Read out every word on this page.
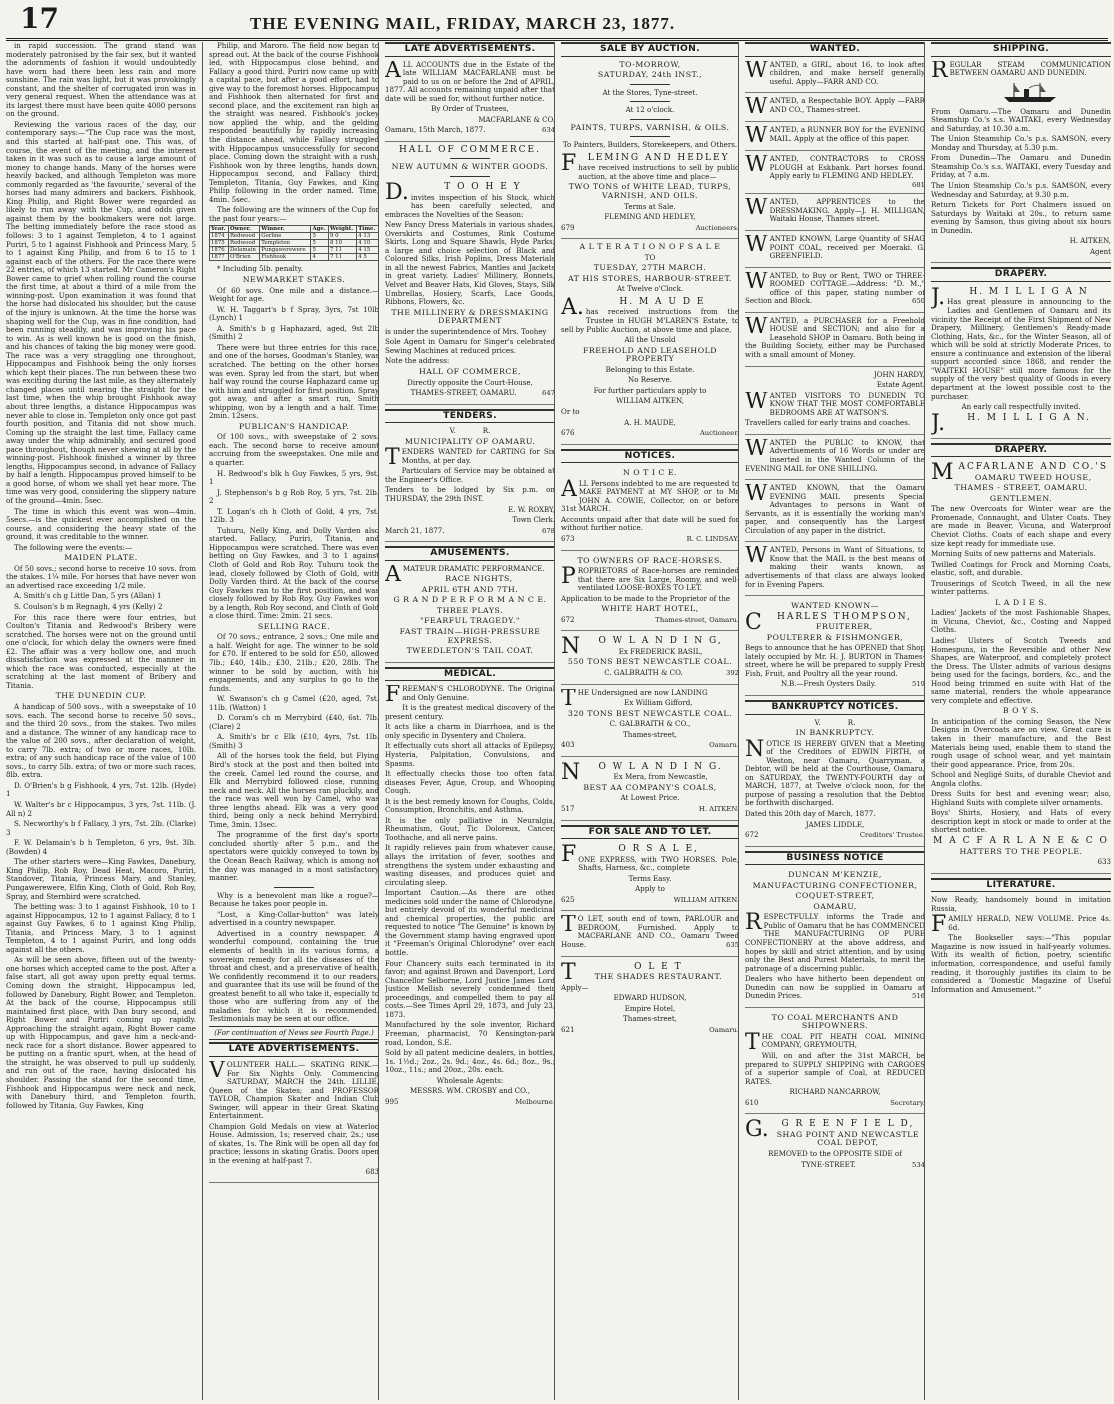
17	THE EVENING MAIL, FRIDAY, MARCH 23, 1877.

in rapid succession. The grand stand was moderately patronised by the fair sex, but it wanted the adornments of fashion it would undoubtedly have worn had there been less rain and more sunshine. The rain was light, but it was provokingly constant, and the shelter of corrugated iron was in very general request. When the attendance was at its largest there must have been quite 4000 persons on the ground.

Reviewing the various races of the day, our contemporary says:—"The Cup race was the most, and this started at half-past one. This was, of course, the event of the meeting, and the interest taken in it was such as to cause a large amount of money to change hands. Many of the horses were heavily backed, and although Templeton was more commonly regarded as 'the favourite,' several of the horses had many admirers and backers. Fishhook, King Philip, and Right Bower were regarded as likely to run away with the Cup, and odds given against them by the bookmakers were not large. The betting immediately before the race stood as follows: 3 to 1 against Templeton, 4 to 1 against Puriri, 5 to 1 against Fishhook and Princess Mary, 5 to 1 against King Philip, and from 6 to 15 to 1 against each of the others. For the race there were 22 entries, of which 13 started. Mr Cameron's Right Bower came to grief when rolling round the course the first time, at about a third of a mile from the winning-post. Upon examination it was found that the horse had dislocated his shoulder, but the cause of the injury is unknown. At the time the horse was shaping well for the Cup, was in fine condition, had been running steadily, and was improving his pace to win. As is well known he is good on the finish, and his chances of taking the big money were good. The race was a very straggling one throughout, Hippocampus and Fishhook being the only horses which kept their places. The run between these two was exciting during the last mile, as they alternately changed places until nearing the straight for the last time, when the whip brought Fishhook away about three lengths, a distance Hippocampus was never able to close in. Templeton only once got past fourth position, and Titania did not show much. Coming up the straight the last time, Fallacy came away under the whip admirably, and secured good pace throughout, though never shewing at all by the winning-post. Fishhook finished a winner by three lengths, Hippocampus second, in advance of Fallacy by half a length. Hippocampus proved himself to be a good horse, of whom we shall yet hear more. The time was very good, considering the slippery nature of the ground—4min. 5sec.

The time in which this event was won—4min. 5secs.—is the quickest ever accomplished on the course, and considering the heavy state of the ground, it was creditable to the winner.

The following were the events:—

MAIDEN PLATE.

Of 50 sovs.; second horse to receive 10 sovs. from the stakes. 1¼ mile. For horses that have never won an advertised race exceeding 1/2 mile.

A. Smith's ch g Little Dan, 5 yrs (Allan) 1

S. Coulson's b m Regnagh, 4 yrs (Kelly) 2

For this race there were four entries, but Coulton's Titania and Redwood's Bribery were scratched. The horses were not on the ground until one o'clock, for which delay the owners were fined £2. The affair was a very hollow one, and much dissatisfaction was expressed at the manner in which the race was conducted, especially at the scratching at the last moment of Bribery and Titania.

THE DUNEDIN CUP.

A handicap of 500 sovs., with a sweepstake of 10 sovs. each. The second horse to receive 50 sovs., and the third 20 sovs., from the stakes. Two miles and a distance. The winner of any handicap race to the value of 200 sovs., after declaration of weight, to carry 7lb. extra; of two or more races, 10lb. extra; of any such handicap race of the value of 100 sovs., to carry 5lb. extra; of two or more such races, 8lb. extra.

D. O'Brien's b g Fishhook, 4 yrs, 7st. 12lb. (Hyde) 1

W. Walter's br c Hippocampus, 3 yrs, 7st. 11lb. (J. All n) 2

S. Necworthy's b f Fallacy, 3 yrs, 7st. 2lb. (Clarke) 3

F. W. Delamain's b h Templeton, 6 yrs, 9st. 3lb. (Bowden) 4

The other starters were—King Fawkes, Danebury, King Philip, Rob Roy, Dead Heat, Macoro, Puriri, Standover, Titania, Princess Mary, and Stanley, Pungawerewere, Elfin King, Cloth of Gold, Rob Roy, Spray, and Sternbird were scratched.

The betting was: 3 to 1 against Fishhook, 10 to 1 against Hippocampus, 12 to 1 against Fallacy, 8 to 1 against Guy Fawkes, 6 to 1 against King Philip, Titania, and Princess Mary, 3 to 1 against Templeton, 4 to 1 against Puriri, and long odds against all the others.

As will be seen above, fifteen out of the twenty-one horses which accepted came to the post. After a false start, all got away upon pretty equal terms. Coming down the straight, Hippocampus led, followed by Danebury, Right Bower, and Templeton. At the back of the course, Hippocampus still maintained first place, with Dan bury second, and Right Bower and Puriri coming up rapidly. Approaching the straight again, Right Bower came up with Hippocampus, and gave him a neck-and-neck race for a short distance. Bower appeared to be putting on a frantic spurt, when, at the head of the straight, he was observed to pull up suddenly, and run out of the race, having dislocated his shoulder. Passing the stand for the second time, Fishhook and Hippocampus were neck and neck, with Danebury third, and Templeton fourth, followed by Titania, Guy Fawkes, King

Philip, and Maroro. The field now began to spread out. At the back of the course Fishhook led, with Hippocampus close behind, and Fallacy a good third. Puriri now came up with a capital pace, but after a good effort, had to give way to the foremost horses. Hippocampus and Fishhook then alternated for first and second place, and the excitement ran high as the straight was neared. Fishhook's jockey now applied the whip, and the gelding responded beautifully by rapidly increasing the distance ahead, while Fallacy struggled with Hippocampus unsuccessfully for second place. Coming down the straight with a rush, Fishhook won by three lengths, hands down, Hippocampus second, and Fallacy third; Templeton, Titania, Guy Fawkes, and King Philip following in the order named. Time, 4min. 5sec.

The following are the winners of the Cup for the past four years:—

Year.	Owner.	Winner.	Age.	Weight.	Time.
1874	Redwood	Gorline	5	9 0	4 13
1875	Redwood	Templeton	5	8 10	4 10
1876	Delamain	Pungawerewere	5	7 11	4 15
1877	O'Brien	Fishhook	4	7 11	4 5

* Including 5lb. penalty.

NEWMARKET STAKES.

Of 60 sovs. One mile and a distance.— Weight for age.

W. H. Taggart's b f Spray, 3yrs, 7st 10lb (Lynch) 1

A. Smith's b g Haphazard, aged, 9st 2lb (Smith) 2

There were but three entries for this race, and one of the horses, Goodman's Stanley, was scratched. The betting on the other horses was even. Spray led from the start, but when half way round the course Haphazard came up with him and struggled for first position. Spray got away, and after a smart run, Smith whipping, won by a length and a half. Time: 2min. 12secs.

PUBLICAN'S HANDICAP.

Of 100 sovs., with sweepstake of 2 sovs. each. The second horse to receive amount accruing from the sweepstakes. One mile and a quarter.

H. Redwood's blk h Guy Fawkes, 5 yrs, 9st. 1

J. Stephenson's b g Rob Roy, 5 yrs, 7st. 2lb. 2

T. Logan's ch h Cloth of Gold, 4 yrs, 7st. 12lb. 3

Tuhuru, Nelly King, and Dolly Varden also started. Fallacy, Puriri, Titania, and Hippocampus were scratched. There was even betting on Guy Fawkes, and 3 to 1 against Cloth of Gold and Rob Roy. Tuhuru took the lead, closely followed by Cloth of Gold, with Dolly Varden third. At the back of the course Guy Fawkes ran to the first position, and was closely followed by Rob Roy. Guy Fawkes won by a length, Rob Roy second, and Cloth of Gold a close third. Time: 2min. 21 secs.

SELLING RACE.

Of 70 sovs.; entrance, 2 sovs.; One mile and a half. Weight for age. The winner to be sold for £70. If entered to be sold for £50, allowed 7lb.; £40, 14lb.; £30, 21lb.; £20, 28lb. The winner to be sold by auction, with his engagements, and any surplus to go to the funds.

W. Swanson's ch g Camel (£20, aged, 7st. 11lb. (Watton) 1

D. Coram's ch m Merrybird (£40, 6st. 7lb. (Clare) 2

A. Smith's br c Elk (£10, 4yrs, 7st. 1lb. (Smith) 3

All of the horses took the field, but Flying Bird's stock at the post and then bolted into the creek. Camel led round the course, and Elk and Merrybird followed close, running neck and neck. All the horses ran pluckily, and the race was well won by Camel, who was three lengths ahead. Elk was a very good third, being only a neck behind Merrybird. Time, 3min. 13sec.

The programme of the first day's sports concluded shortly after 5 p.m., and the spectators were quickly conveyed to town by the Ocean Beach Railway, which is among not the day was managed in a most satisfactory manner.

Why is a benevolent man like a rogue?— Because he takes poor people in.

"Lost, a King-Collar-button" was lately advertised in a country newspaper.

Advertised in a country newspaper. A wonderful compound, containing the true elements of health in its various forms, a sovereign remedy for all the diseases of the throat and chest, and a preservative of health. We confidently recommend it to our readers, and guarantee that its use will be found of the greatest benefit to all who take it, especially to those who are suffering from any of the maladies for which it is recommended. Testimonials may be seen at our office.

(For continuation of News see Fourth Page.)

LATE ADVERTISEMENTS.

VOLUNTEER HALL.— SKATING RINK.—For Six Nights Only. Commencing SATURDAY, MARCH the 24th. LILLIE, Queen of the Skates; and PROFESSOR TAYLOR, Champion Skater and Indian Club Swinger, will appear in their Great Skating Entertainment.

Champion Gold Medals on view at Waterloo House. Admission, 1s; reserved chair, 2s.; use of skates, 1s. The Rink will be open all day for practice; lessons in skating Gratis. Doors open in the evening at half-past 7.

683

LATE ADVERTISEMENTS.

ALL ACCOUNTS due in the Estate of the late WILLIAM MACFARLANE must be paid to us on or before the 2nd of APRIL, 1877. All accounts remaining unpaid after that date will be sued for, without further notice.

By Order of Trustees,

MACFARLANE & CO.

Oamaru, 15th March, 1877.	634

HALL OF COMMERCE.

NEW AUTUMN & WINTER GOODS.

D.	T O O H E Y
invites inspection of his Stock, which has been carefully selected, and embraces the Novelties of the Season:

New Fancy Dress Materials in various shades, Overskirts and Costumes, Rink Costume Skirts, Long and Square Shawls, Hyde Parks; a large and choice selection of Black and Coloured Silks, Irish Poplins, Dress Materials in all the newest Fabrics, Mantles and Jackets in great variety. Ladies' Millinery, Bonnets, Velvet and Beaver Hats, Kid Gloves, Stays, Silk Umbrellas, Hosiery, Scarfs, Lace Goods, Ribbons, Flowers, &c.

THE MILLINERY & DRESSMAKING DEPARTMENT

is under the superintendence of Mrs. Toohey

Sole Agent in Oamaru for Singer's celebrated Sewing Machines at reduced prices.

Note the address:

HALL OF COMMERCE,

Directly opposite the Court-House,

THAMES-STREET, OAMARU.	647

TENDERS.

V.	R.

MUNICIPALITY OF OAMARU.

TENDERS WANTED for CARTING for Six Months, at per day.

Particulars of Service may be obtained at the Engineer's Office.

Tenders to be lodged by Six p.m. on THURSDAY, the 29th INST.

E. W. ROXBY,

Town Clerk.

March 21, 1877.	678

AMUSEMENTS.

AMATEUR DRAMATIC PERFORMANCE.

RACE NIGHTS,

APRIL 6TH AND 7TH.

G R A N D P E R F O R M A N C E.

THREE PLAYS.

"FEARFUL TRAGEDY."

FAST TRAIN—HIGH-PRESSURE EXPRESS.

TWEEDLETON'S TAIL COAT.

MEDICAL.

FREEMAN'S CHLORODYNE. The Original and Only Genuine.

It is the greatest medical discovery of the present century.

It acts like a charm in Diarrhoea, and is the only specific in Dysentery and Cholera.

It effectually cuts short all attacks of Epilepsy, Hysteria, Palpitation, Convulsions, and Spasms.

It effectually checks those too often fatal diseases Fever, Ague, Croup, and Whooping Cough.

It is the best remedy known for Coughs, Colds, Consumption, Bronchitis, and Asthma.

It is the only palliative in Neuralgia, Rheumatism, Gout, Tic Doloreux, Cancer, Toothache, and all nerve pains.

It rapidly relieves pain from whatever cause, allays the irritation of fever, soothes and strengthens the system under exhausting and wasting diseases, and produces quiet and circulating sleep.

Important Caution.—As there are other medicines sold under the name of Chlorodyne, but entirely devoid of its wonderful medicinal and chemical properties, the public are requested to notice "The Genuine" is known by the Government stamp having engraved upon it "Freeman's Original Chlorodyne" over each bottle.

Four Chancery suits each terminated in its favor; and against Brown and Davenport, Lord Chancellor Selborne, Lord Justice James Lord Justice Mellish severely condemned their proceedings, and compelled them to pay all costs.—See Times April 29, 1873, and July 23, 1873.

Manufactured by the sole inventor, Richard Freeman, pharmacist, 70 Kensington-park road, London, S.E.

Sold by all patent medicine dealers, in bottles, 1s. 1½d.; 2oz., 2s. 9d.; 4oz., 4s. 6d.; 8oz., 9s.; 10oz., 11s.; and 20oz., 20s. each.

Wholesale Agents:

MESSRS. WM. CROSBY and CO.,

995	Melbourne.

SALE BY AUCTION.

TO-MORROW,

SATURDAY, 24th INST.,

At the Stores, Tyne-street.

At 12 o'clock.

PAINTS, TURPS, VARNISH, & OILS.

To Painters, Builders, Storekeepers, and Others.

F	LEMING AND HEDLEY
have received instructions to sell by public auction, at the above time and place—

TWO TONS of WHITE LEAD, TURPS, VARNISH, AND OILS.

Terms at Sale.

FLEMING AND HEDLEY,

679	Auctioneers.

A L T E R A T I O N O F S A L E

TO

TUESDAY, 27TH MARCH.

AT HIS STORES, HARBOUR-STREET.

At Twelve o'Clock.

A.	H. M A U D E
has received instructions from the Trustee in HUGH M'LAREN'S Estate, to sell by Public Auction, at above time and place,

All the Unsold

FREEHOLD AND LEASEHOLD PROPERTY

Belonging to this Estate.

No Reserve.

For further particulars apply to

WILLIAM AITKEN,

Or to

A. H. MAUDE,

676	Auctioneer.

NOTICES.

N O T I C E.

ALL Persons indebted to me are requested to MAKE PAYMENT at MY SHOP, or to Mr JOHN A. COWIE, Collector, on or before 31st MARCH.

Accounts unpaid after that date will be sued for without further notice.

673	R. C. LINDSAY.

TO OWNERS OF RACE-HORSES.

PROPRIETORS of Race-horses are reminded that there are Six Large, Roomy, and well-ventilated LOOSE-BOXES TO LET.

Application to be made to the Proprietor of the

WHITE HART HOTEL,

672	Thames-street, Oamaru.

N	O W L A N D I N G,

Ex FREDERICK BASIL,

550 TONS BEST NEWCASTLE COAL.

C. GALBRAITH & CO.	392

THE Undersigned are now LANDING

Ex William Gifford,

320 TONS BEST NEWCASTLE COAL.

C. GALBRAITH & CO.,

Thames-street,

403	Oamaru.

N	O W L A N D I N G.

Ex Mera, from Newcastle,

BEST AA COMPANY'S COALS,

At Lowest Price.

517	H. AITKEN.

FOR SALE AND TO LET.

F	O R S A L E,

ONE EXPRESS, with TWO HORSES. Pole, Shafts, Harness, &c., complete

Terms Easy.

Apply to

625	WILLIAM AITKEN.

T O LET, south end of town, PARLOUR and BEDROOM, Furnished. Apply to MACFARLANE AND CO., Oamaru Tweed House.	635

T	O L E T

THE SHADES RESTAURANT.

Apply—

EDWARD HUDSON,

Empire Hotel,

Thames-street,

621	Oamaru.

WANTED.

WANTED, a GIRL, about 16, to look after children, and make herself generally useful. Apply—FARR AND CO.

WANTED, a Respectable BOY. Apply —FARR AND CO., Thames-street.

WANTED, a RUNNER BOY for the EVENING MAIL. Apply at the office of this paper.

WANTED, CONTRACTORS to CROSS PLOUGH at Eskbank. Part horses found. Apply early to FLEMING AND HEDLEY.
681

WANTED, APPRENTICES to the DRESSMAKING. Apply—J. H. MILLIGAN, Waitaki House, Thames street.

WANTED KNOWN, Large Quantity of SHAG POINT COAL, received per Moeraki. G. GREENFIELD.

WANTED, to Buy or Rent, TWO or THREE-ROOMED COTTAGE.—Address: "D. M.," office of this paper, stating number of Section and Block.	650

WANTED, a PURCHASER for a Freehold HOUSE and SECTION; and also for a Leasehold SHOP in Oamaru. Both being in the Building Society, either may be Purchased with a small amount of Money.

JOHN HARDY,

Estate Agent.

WANTED VISITORS TO DUNEDIN TO KNOW THAT THE MOST COMFORTABLE BEDROOMS ARE AT WATSON'S.

Travellers called for early trains and coaches.

WANTED the PUBLIC to KNOW, that Advertisements of 16 Words or under are inserted in the Wanted Column of the EVENING MAIL for ONE SHILLING.

WANTED KNOWN, that the Oamaru EVENING MAIL presents Special Advantages to persons in Want of Servants, as it is essentially the working man's paper, and consequently has the Largest Circulation of any paper in the district.

WANTED, Persons in Want of Situations, to Know that the MAIL is the best means of making their wants known, as advertisements of that class are always looked for in Evening Papers.

WANTED KNOWN—

C	HARLES THOMPSON,

FRUITERER,

POULTERER & FISHMONGER,

Begs to announce that he has OPENED that Shop lately occupied by Mr. H. J. BURTON in Thames-street, where he will be prepared to supply Fresh Fish, Fruit, and Poultry all the year round.

N.B.—Fresh Oysters Daily.	519

BANKRUPTCY NOTICES.

V.	R.

IN BANKRUPTCY.

NOTICE IS HEREBY GIVEN that a Meeting of the Creditors of EDWIN FIRTH, of Weston, near Oamaru, Quarryman, a Debtor, will be held at the Courthouse, Oamaru, on SATURDAY, the TWENTY-FOURTH day of MARCH, 1877, at Twelve o'clock noon, for the purpose of passing a resolution that the Debtor be forthwith discharged.

Dated this 20th day of March, 1877.

JAMES LIDDLE,

672	Creditors' Trustee.

BUSINESS NOTICE

DUNCAN M'KENZIE,

MANUFACTURING CONFECTIONER,

COQUET-STREET,

OAMARU,

RESPECTFULLY informs the Trade and Public of Oamaru that he has COMMENCED THE MANUFACTURING OF PURE CONFECTIONERY at the above address, and hopes by skill and strict attention, and by using only the Best and Purest Materials, to merit the patronage of a discerning public.

Dealers who have hitherto been dependent on Dunedin can now be supplied in Oamaru at Dunedin Prices.	516

TO COAL MERCHANTS AND SHIPOWNERS.

THE COAL PIT HEATH COAL MINING COMPANY, GREYMOUTH,

Will, on and after the 31st MARCH, be prepared to SUPPLY SHIPPING with CARGOES of a superior sample of Coal, at REDUCED RATES.

RICHARD NANCARROW,

610	Secretary.

G.	G R E E N F I E L D,

SHAG POINT AND NEWCASTLE COAL DEPOT,

REMOVED to the OPPOSITE SIDE of

TYNE-STREET.	534

SHIPPING.

REGULAR STEAM COMMUNICATION BETWEEN OAMARU AND DUNEDIN.

From Oamaru.—The Oamaru and Dunedin Steamship Co.'s s.s. WAITAKI, every Wednesday and Saturday, at 10.30 a.m.

The Union Steamship Co.'s p.s. SAMSON, every Monday and Thursday, at 5.30 p.m.

From Dunedin—The Oamaru and Dunedin Steamship Co.'s s.s. WAITAKI, every Tuesday and Friday, at 7 a.m.

The Union Steamship Co.'s p.s. SAMSON, every Wednesday and Saturday, at 9.30 p.m.

Return Tickets for Port Chalmers issued on Saturdays by Waitaki at 20s., to return same evening by Samson, thus giving about six hours in Dunedin.

H. AITKEN,

Agent

DRAPERY.

J.	H. M I L L I G A N

Has great pleasure in announcing to the Ladies and Gentlemen of Oamaru and its vicinity the Receipt of the First Shipment of New Drapery, Millinery, Gentlemen's Ready-made Clothing, Hats, &c., for the Winter Season, all of which will be sold at strictly Moderate Prices, to ensure a continuance and extension of the liberal support accorded since 1868, and render the "WAITEKI HOUSE" still more famous for the supply of the very best quality of Goods in every department at the lowest possible cost to the purchaser.

An early call respectfully invited.

J.	H. M I L L I G A N.

DRAPERY.

M ACFARLANE AND CO.'S

OAMARU TWEED HOUSE,

THAMES - STREET, OAMARU.

GENTLEMEN.

The new Overcoats for Winter wear are the Promenade, Connaught, and Ulster Coats. They are made in Beaver, Vicuna, and Waterproof Cheviot Cloths. Coats of each shape and every size kept ready for immediate use.

Morning Suits of new patterns and Materials.

Twilled Coatings for Frock and Morning Coats, elastic, soft, and durable.

Trouserings of Scotch Tweed, in all the new winter patterns.

L A D I E S.

Ladies' Jackets of the most Fashionable Shapes, in Vicuna, Cheviot, &c., Costing and Napped Cloths.

Ladies' Ulsters of Scotch Tweeds and Homespuns, in the Reversible and other New Shapes, are Waterproof, and completely protect the Dress. The Ulster admits of various designs being used for the facings, borders, &c., and the Hood being trimmed en suite with Hat of the same material, renders the whole appearance very complete and effective.

B O Y S.

In anticipation of the coming Season, the New Designs in Overcoats are on view. Great care is taken in their manufacture, and the Best Materials being used, enable them to stand the rough usage of school wear, and yet maintain their good appearance. Price, from 20s.

School and Negligé Suits, of durable Cheviot and Angola cloths.

Dress Suits for best and evening wear; also, Highland Suits with complete silver ornaments.

Boys' Shirts, Hosiery, and Hats of every description kept in stock or made to order at the shortest notice.

M A C F A R L A N E & C O

HATTERS TO THE PEOPLE.

633

LITERATURE.

Now Ready, handsomely bound in imitation Russia,

FAMILY HERALD, NEW VOLUME. Price 4s. 6d.

The Bookseller says:—"This popular Magazine is now issued in half-yearly volumes. With its wealth of fiction, poetry, scientific information, correspondence, and useful family reading, it thoroughly justifies its claim to be considered a 'Domestic Magazine of Useful Information and Amusement.'"
